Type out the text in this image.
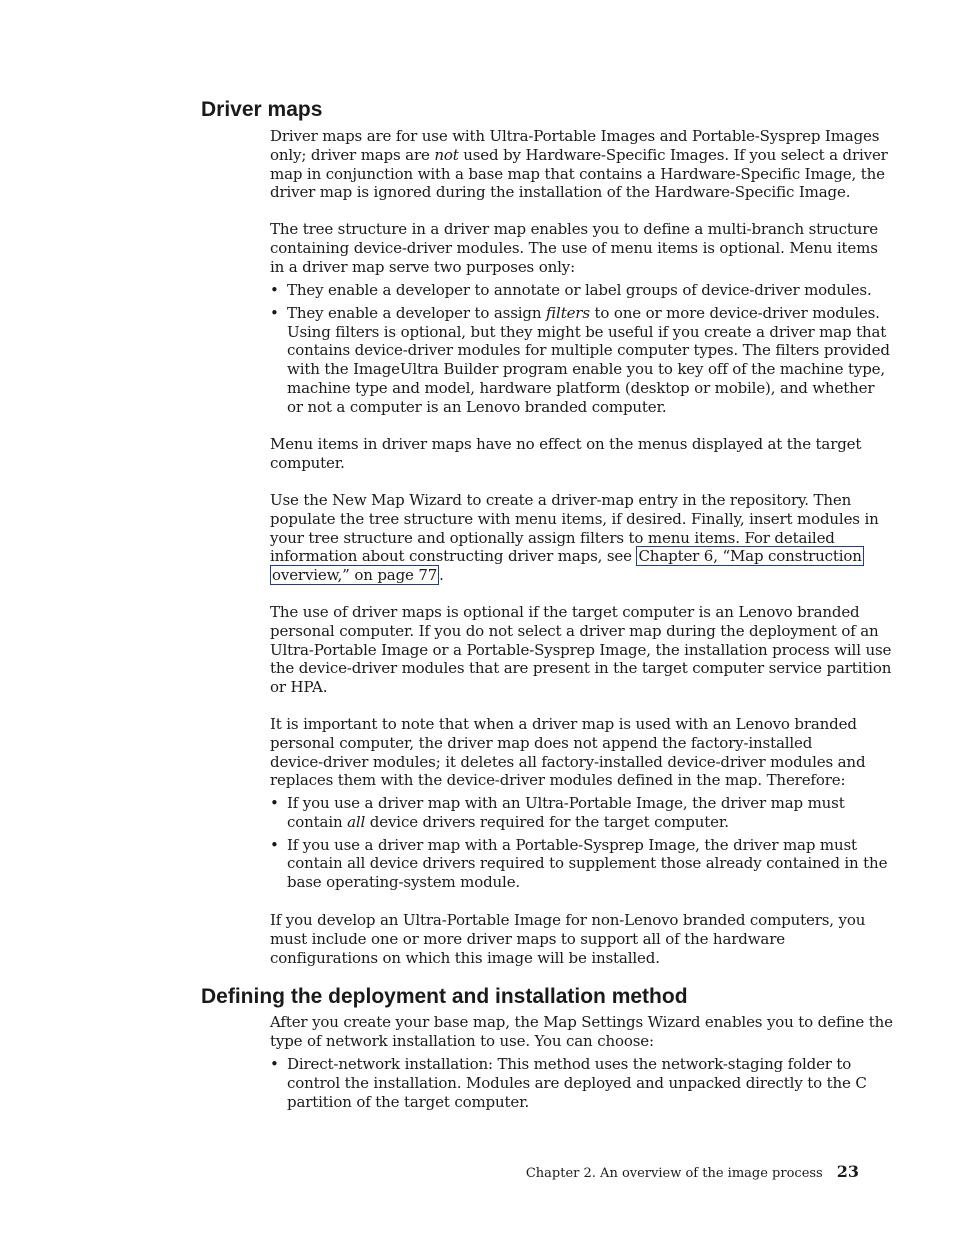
Driver maps
Driver maps are for use with Ultra-Portable Images and Portable-Sysprep Images
only; driver maps are not used by Hardware-Specific Images. If you select a driver
map in conjunction with a base map that contains a Hardware-Specific Image, the
driver map is ignored during the installation of the Hardware-Specific Image.
The tree structure in a driver map enables you to define a multi-branch structure
containing device-driver modules. The use of menu items is optional. Menu items
in a driver map serve two purposes only:
• They enable a developer to annotate or label groups of device-driver modules.
• They enable a developer to assign filters to one or more device-driver modules.
Using filters is optional, but they might be useful if you create a driver map that
contains device-driver modules for multiple computer types. The filters provided
with the ImageUltra Builder program enable you to key off of the machine type,
machine type and model, hardware platform (desktop or mobile), and whether
or not a computer is an Lenovo branded computer.
Menu items in driver maps have no effect on the menus displayed at the target
computer.
Use the New Map Wizard to create a driver-map entry in the repository. Then
populate the tree structure with menu items, if desired. Finally, insert modules in
your tree structure and optionally assign filters to menu items. For detailed
information about constructing driver maps, see Chapter 6, “Map construction
overview,” on page 77 .
The use of driver maps is optional if the target computer is an Lenovo branded
personal computer. If you do not select a driver map during the deployment of an
Ultra-Portable Image or a Portable-Sysprep Image, the installation process will use
the device-driver modules that are present in the target computer service partition
or HPA.
It is important to note that when a driver map is used with an Lenovo branded
personal computer, the driver map does not append the factory-installed
device-driver modules; it deletes all factory-installed device-driver modules and
replaces them with the device-driver modules defined in the map. Therefore:
• If you use a driver map with an Ultra-Portable Image, the driver map must
contain all device drivers required for the target computer.
• If you use a driver map with a Portable-Sysprep Image, the driver map must
contain all device drivers required to supplement those already contained in the
base operating-system module.
If you develop an Ultra-Portable Image for non-Lenovo branded computers, you
must include one or more driver maps to support all of the hardware
configurations on which this image will be installed.
Defining the deployment and installation method
After you create your base map, the Map Settings Wizard enables you to define the
type of network installation to use. You can choose:
• Direct-network installation: This method uses the network-staging folder to
control the installation. Modules are deployed and unpacked directly to the C
partition of the target computer.
Chapter 2. An overview of the image process 23
